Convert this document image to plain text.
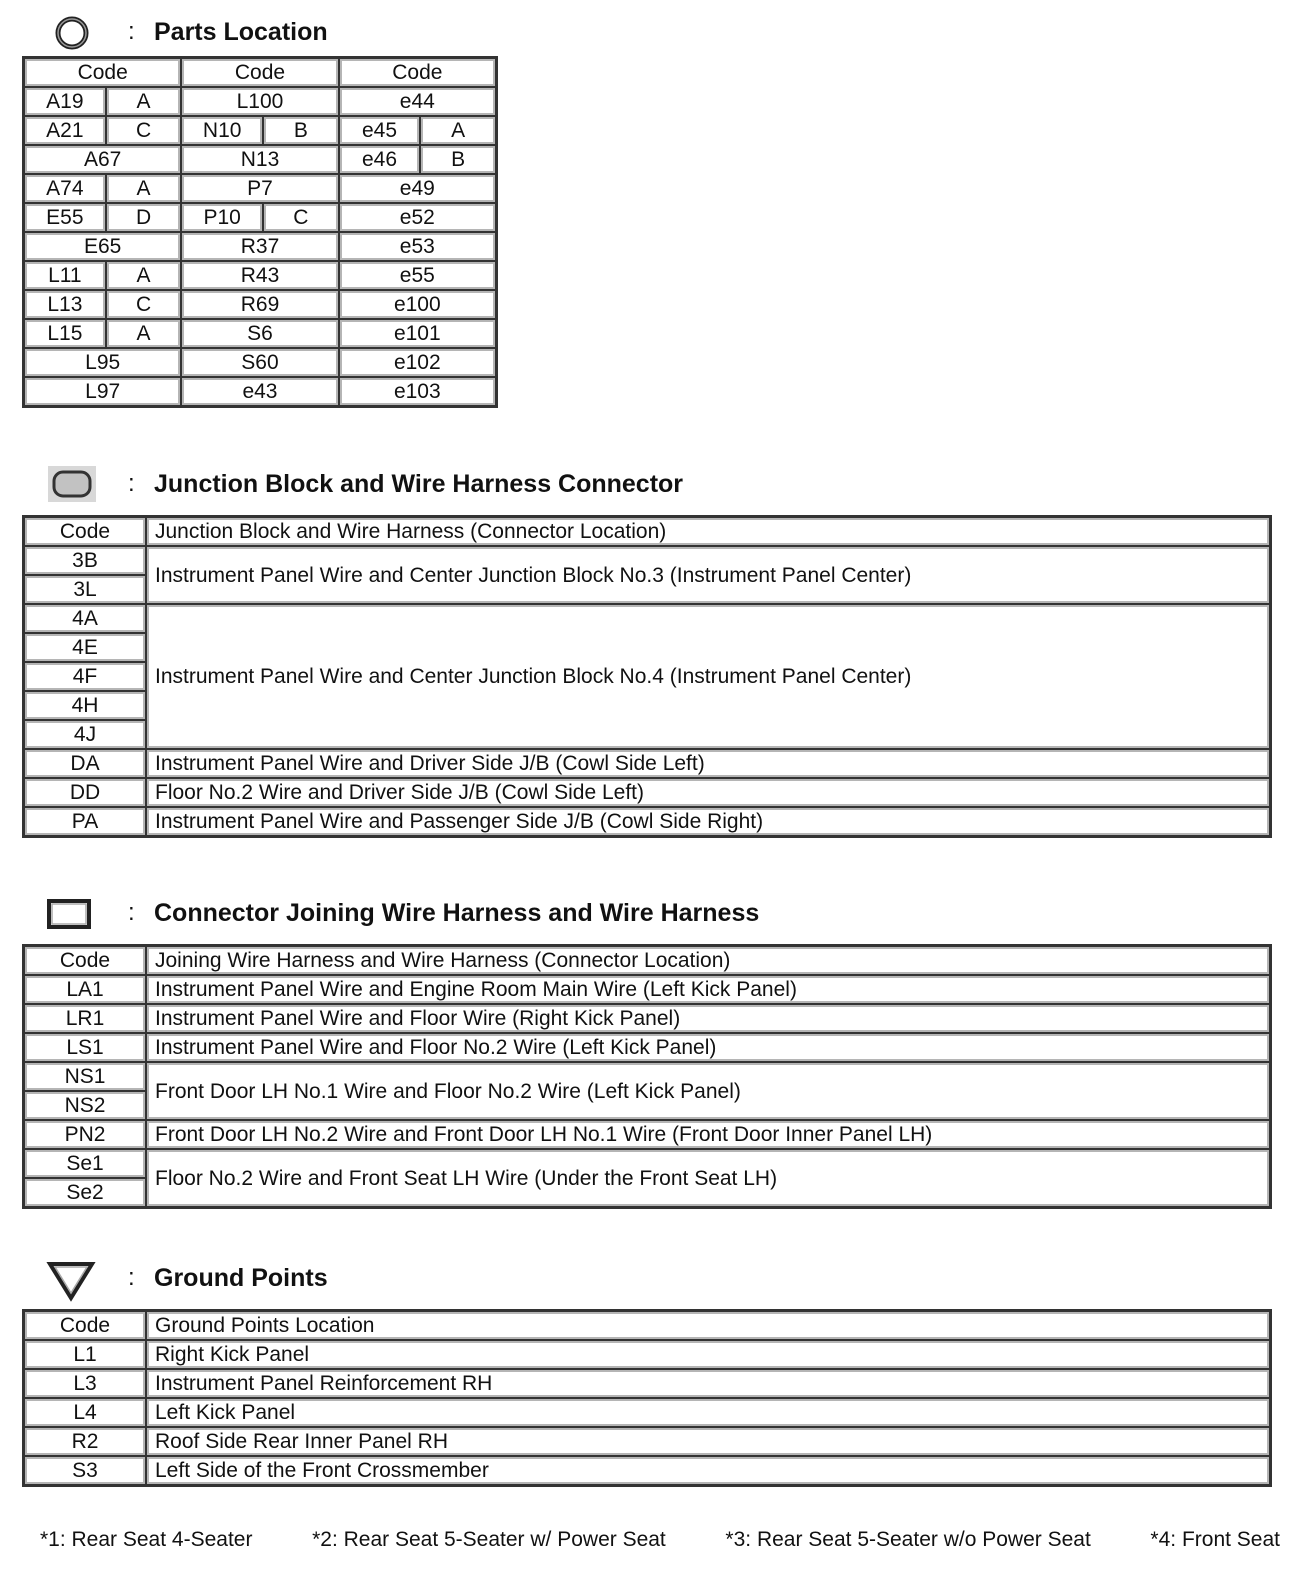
: Parts Location
Code		Code		Code	
A19	A	L100		e44	
A21	C	N10	B	e45	A
A67		N13		e46	B
A74	A	P7		e49	
E55	D	P10	C	e52	
E65		R37		e53	
L11	A	R43		e55	
L13	C	R69		e100	
L15	A	S6		e101	
L95		S60		e102	
L97		e43		e103	
: Junction Block and Wire Harness Connector
Code	Junction Block and Wire Harness (Connector Location)
3B	Instrument Panel Wire and Center Junction Block No.3 (Instrument Panel Center)
3L	
4A	Instrument Panel Wire and Center Junction Block No.4 (Instrument Panel Center)
4E	
4F	
4H	
4J	
DA	Instrument Panel Wire and Driver Side J/B (Cowl Side Left)
DD	Floor No.2 Wire and Driver Side J/B (Cowl Side Left)
PA	Instrument Panel Wire and Passenger Side J/B (Cowl Side Right)
: Connector Joining Wire Harness and Wire Harness
Code	Joining Wire Harness and Wire Harness (Connector Location)
LA1	Instrument Panel Wire and Engine Room Main Wire (Left Kick Panel)
LR1	Instrument Panel Wire and Floor Wire (Right Kick Panel)
LS1	Instrument Panel Wire and Floor No.2 Wire (Left Kick Panel)
NS1	Front Door LH No.1 Wire and Floor No.2 Wire (Left Kick Panel)
NS2	
PN2	Front Door LH No.2 Wire and Front Door LH No.1 Wire (Front Door Inner Panel LH)
Se1	Floor No.2 Wire and Front Seat LH Wire (Under the Front Seat LH)
Se2	
: Ground Points
Code	Ground Points Location
L1	Right Kick Panel
L3	Instrument Panel Reinforcement RH
L4	Left Kick Panel
R2	Roof Side Rear Inner Panel RH
S3	Left Side of the Front Crossmember
*1: Rear Seat 4-Seater	*2: Rear Seat 5-Seater w/ Power Seat	*3: Rear Seat 5-Seater w/o Power Seat	*4: Front Seat
